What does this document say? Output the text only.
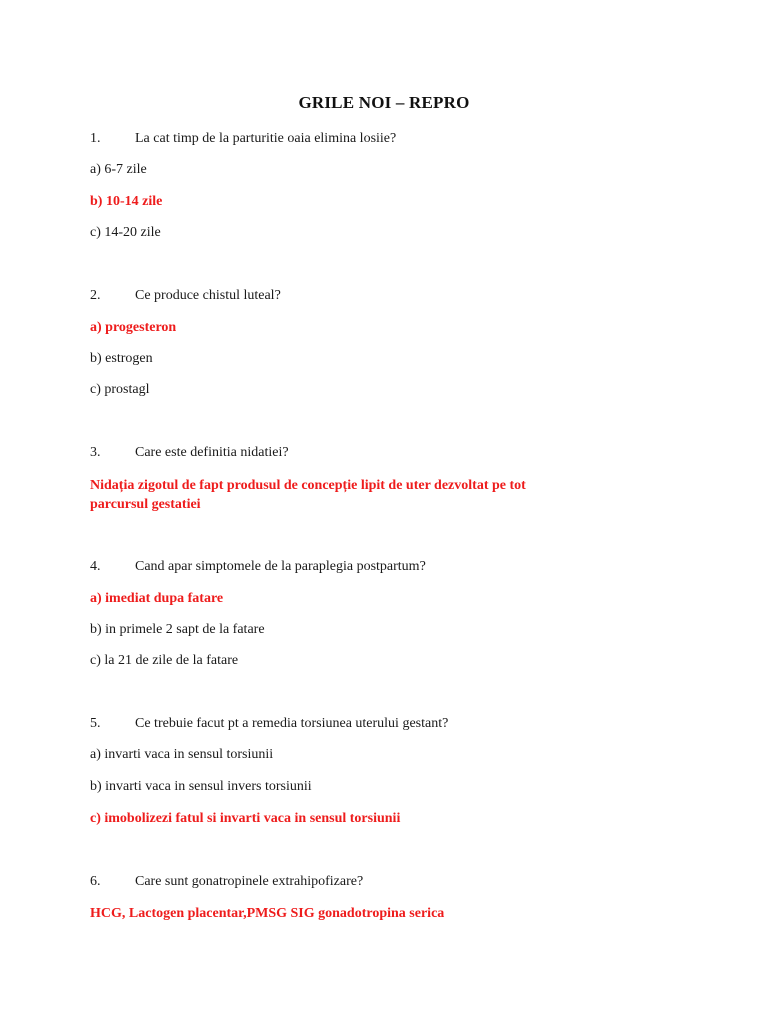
GRILE NOI – REPRO
1. La cat timp de la parturitie oaia elimina losiie?
a) 6-7 zile
b) 10-14 zile
c) 14-20 zile
2. Ce produce chistul luteal?
a) progesteron
b) estrogen
c) prostagl
3. Care este definitia nidatiei?
Nidația zigotul de fapt produsul de concepție lipit de uter dezvoltat pe tot
parcursul gestatiei
4. Cand apar simptomele de la paraplegia postpartum?
a) imediat dupa fatare
b) in primele 2 sapt de la fatare
c) la 21 de zile de la fatare
5. Ce trebuie facut pt a remedia torsiunea uterului gestant?
a) invarti vaca in sensul torsiunii
b) invarti vaca in sensul invers torsiunii
c) imobolizezi fatul si invarti vaca in sensul torsiunii
6. Care sunt gonatropinele extrahipofizare?
HCG, Lactogen placentar,PMSG SIG gonadotropina serica
